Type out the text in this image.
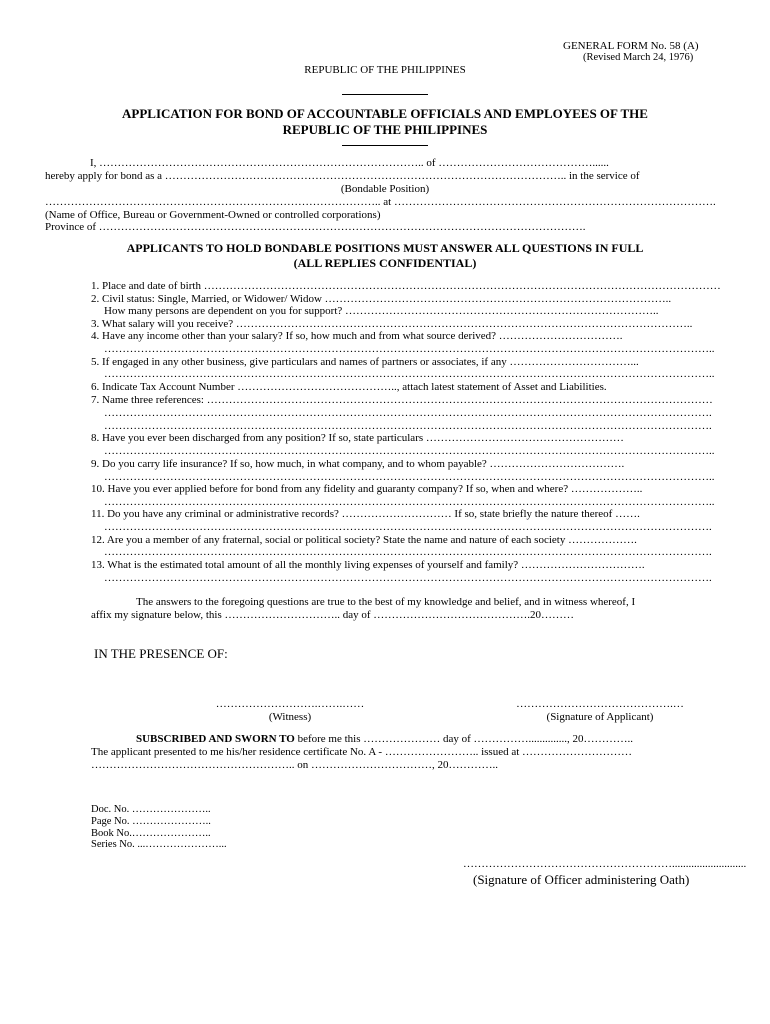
GENERAL FORM No. 58 (A)
(Revised March 24, 1976)
REPUBLIC OF THE PHILIPPINES
APPLICATION FOR BOND OF ACCOUNTABLE OFFICIALS AND EMPLOYEES OF THE
REPUBLIC OF THE PHILIPPINES
I, …………………………………………………………………………….. of ……………………………………......
hereby apply for bond as a ……………………………………………………………………………………………….. in the service of
(Bondable Position)
……………………………………………………………………………….. at …………………………………………………………………………….
(Name of Office, Bureau or Government-Owned or controlled corporations)
Province of …………………………………………………………………………………………………………………….
APPLICANTS TO HOLD BONDABLE POSITIONS MUST ANSWER ALL QUESTIONS IN FULL
(ALL REPLIES CONFIDENTIAL)
1. Place and date of birth ……………………………………………………………………………………………………………………………
2. Civil status: Single, Married, or Widower/ Widow …………………………………………………………………………………..
How many persons are dependent on you for support? …………………………………………………………………………..
3. What salary will you receive? ……………………………………………………………………………………………………………..
4. Have any income other than your salary? If so, how much and from what source derived? …………………………….
…………………………………………………………………………………………………………………………………………………..
5. If engaged in any other business, give particulars and names of partners or associates, if any ……………………………...
…………………………………………………………………………………………………………………………………………………..
6. Indicate Tax Account Number …………………………………….., attach latest statement of Asset and Liabilities.
7. Name three references: …………………………………………………………………………………………………………………………
………………………………………………………………………………………………………………………………………………….
………………………………………………………………………………………………………………………………………………….
8. Have you ever been discharged from any position? If so, state particulars ………………………………………………
…………………………………………………………………………………………………………………………………………………..
9. Do you carry life insurance? If so, how much, in what company, and to whom payable? ……………………………….
…………………………………………………………………………………………………………………………………………………..
10. Have you ever applied before for bond from any fidelity and guaranty company? If so, when and where? ………………..
…………………………………………………………………………………………………………………………………………………..
11. Do you have any criminal or administrative records? ………………………… If so, state briefly the nature thereof …….
………………………………………………………………………………………………………………………………………………….
12. Are you a member of any fraternal, social or political society? State the name and nature of each society ……………….
………………………………………………………………………………………………………………………………………………….
13. What is the estimated total amount of all the monthly living expenses of yourself and family? …………………………….
………………………………………………………………………………………………………………………………………………….
The answers to the foregoing questions are true to the best of my knowledge and belief, and in witness whereof, I
affix my signature below, this ………………………….. day of …………………………………….20………
IN THE PRESENCE OF:
……………………….…….……
(Witness)
…………………………………….…
(Signature of Applicant)
SUBSCRIBED AND SWORN TO before me this ………………… day of …………….............., 20…………..
The applicant presented to me his/her residence certificate No. A - …………………….. issued at …………………………
……………………………………………….. on ……………………………, 20…………..
Doc. No. …………………..
Page No. …………………..
Book No.…………………..
Series No. ...…………………...
…………………………………………………...........................
(Signature of Officer administering Oath)
